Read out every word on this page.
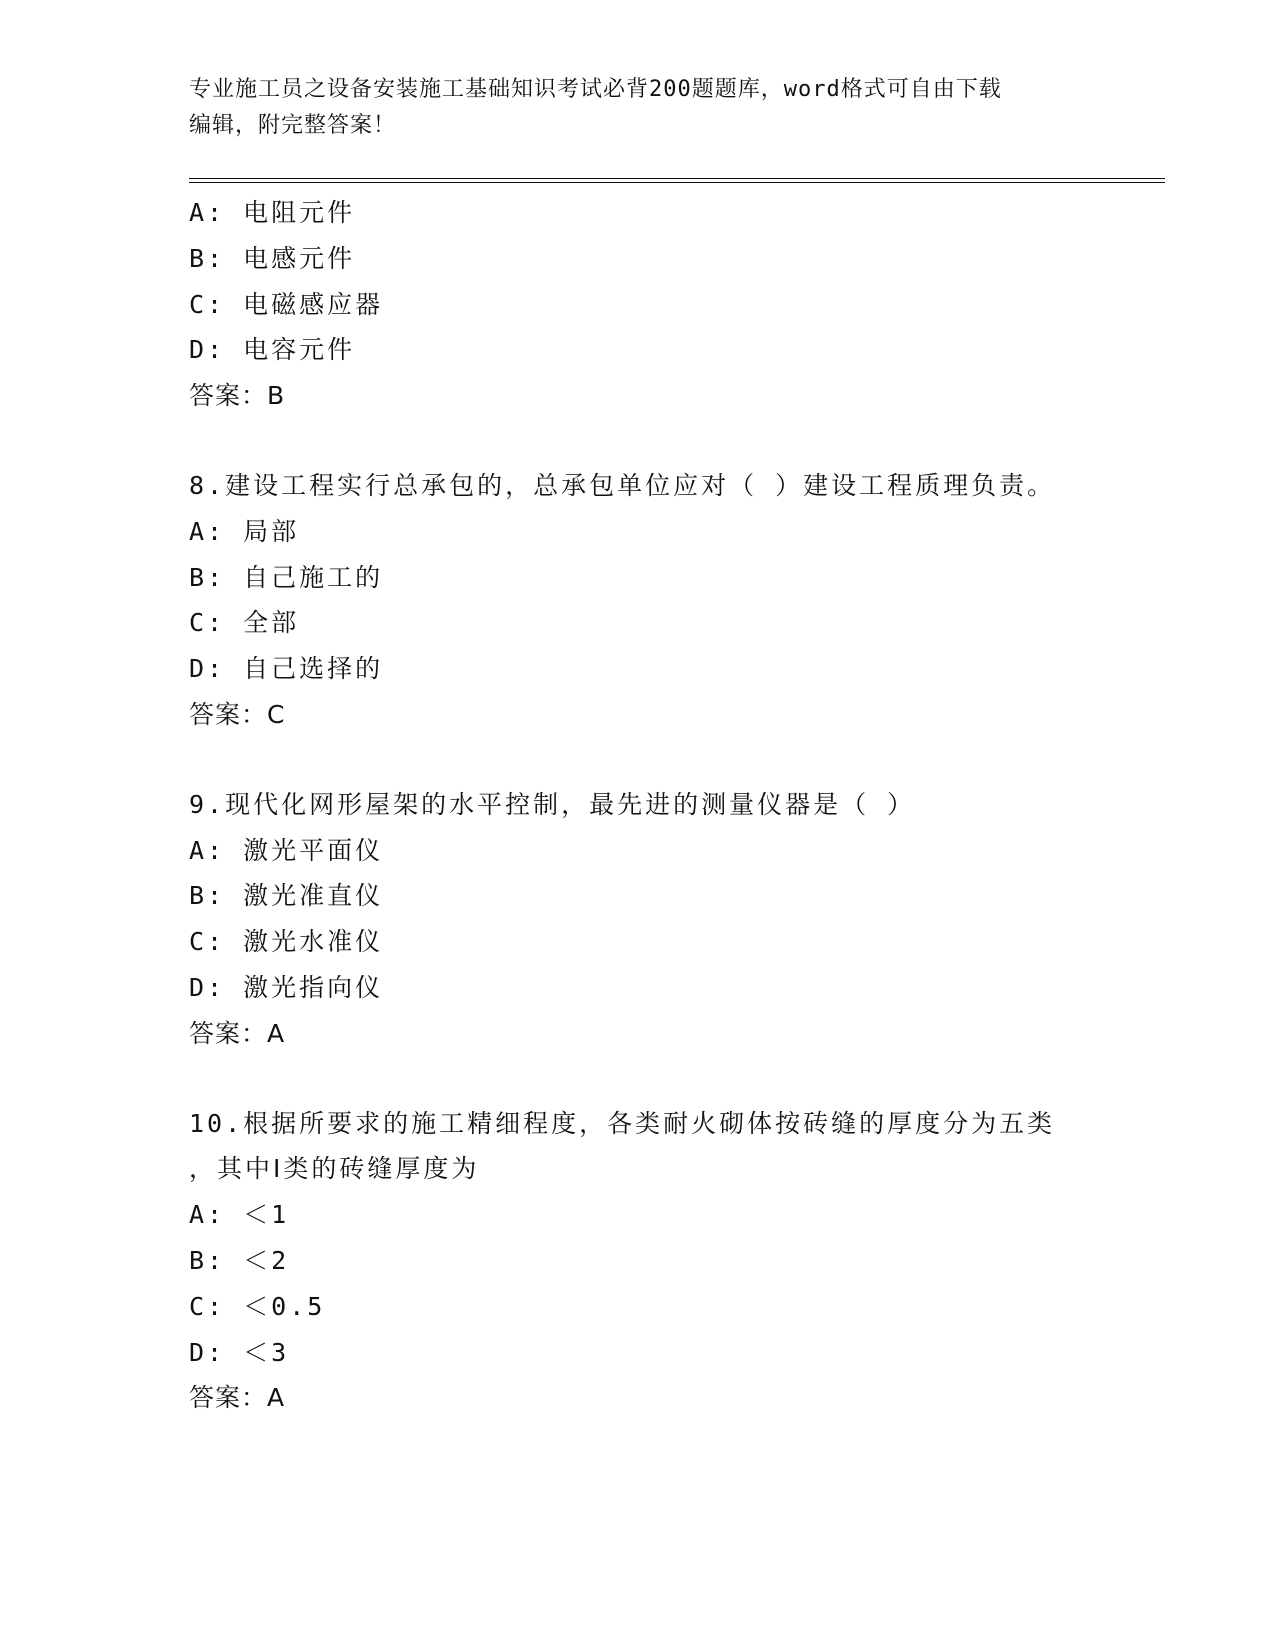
专业施工员之设备安装施工基础知识考试必背200题题库，word格式可自由下载
编辑，附完整答案！
A: 电阻元件
B: 电感元件
C: 电磁感应器
D: 电容元件
答案：B
8.建设工程实行总承包的，总承包单位应对（ ）建设工程质理负责。
A: 局部
B: 自己施工的
C: 全部
D: 自己选择的
答案：C
9.现代化网形屋架的水平控制，最先进的测量仪器是（ ）
A: 激光平面仪
B: 激光准直仪
C: 激光水准仪
D: 激光指向仪
答案：A
10.根据所要求的施工精细程度，各类耐火砌体按砖缝的厚度分为五类
，其中Ⅰ类的砖缝厚度为
A: ＜1
B: ＜2
C: ＜0.5
D: ＜3
答案：A
